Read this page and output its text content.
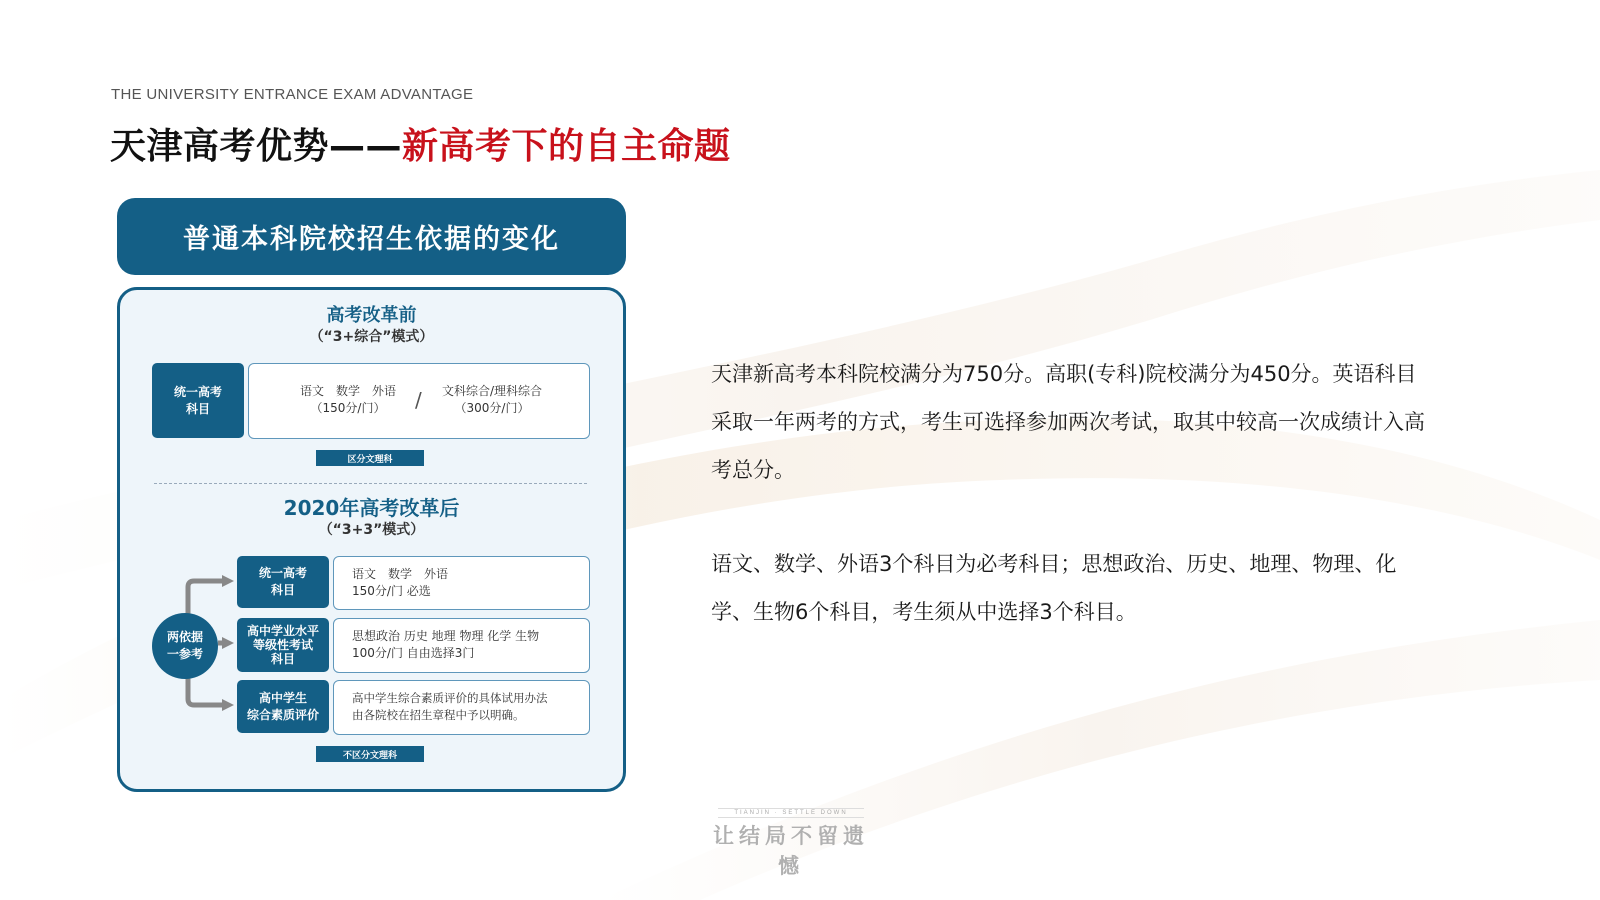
THE UNIVERSITY ENTRANCE EXAM ADVANTAGE
天津高考优势——新高考下的自主命题
普通本科院校招生依据的变化
高考改革前
（“3+综合”模式）
统一高考
科目
语文　数学　外语
（150分/门）	/	文科综合/理科综合
（300分/门）
区分文理科
2020年高考改革后
（“3+3”模式）
两依据
一参考
统一高考
科目
语文　数学　外语
150分/门 必选
高中学业水平
等级性考试
科目
思想政治 历史 地理 物理 化学 生物
100分/门 自由选择3门
高中学生
综合素质评价
高中学生综合素质评价的具体试用办法
由各院校在招生章程中予以明确。
不区分文理科
天津新高考本科院校满分为750分。高职(专科)院校满分为450分。英语科目采取一年两考的方式，考生可选择参加两次考试，取其中较高一次成绩计入高考总分。
语文、数学、外语3个科目为必考科目；思想政治、历史、地理、物理、化学、生物6个科目，考生须从中选择3个科目。
TIANJIN · SETTLE DOWN
让结局不留遗憾
